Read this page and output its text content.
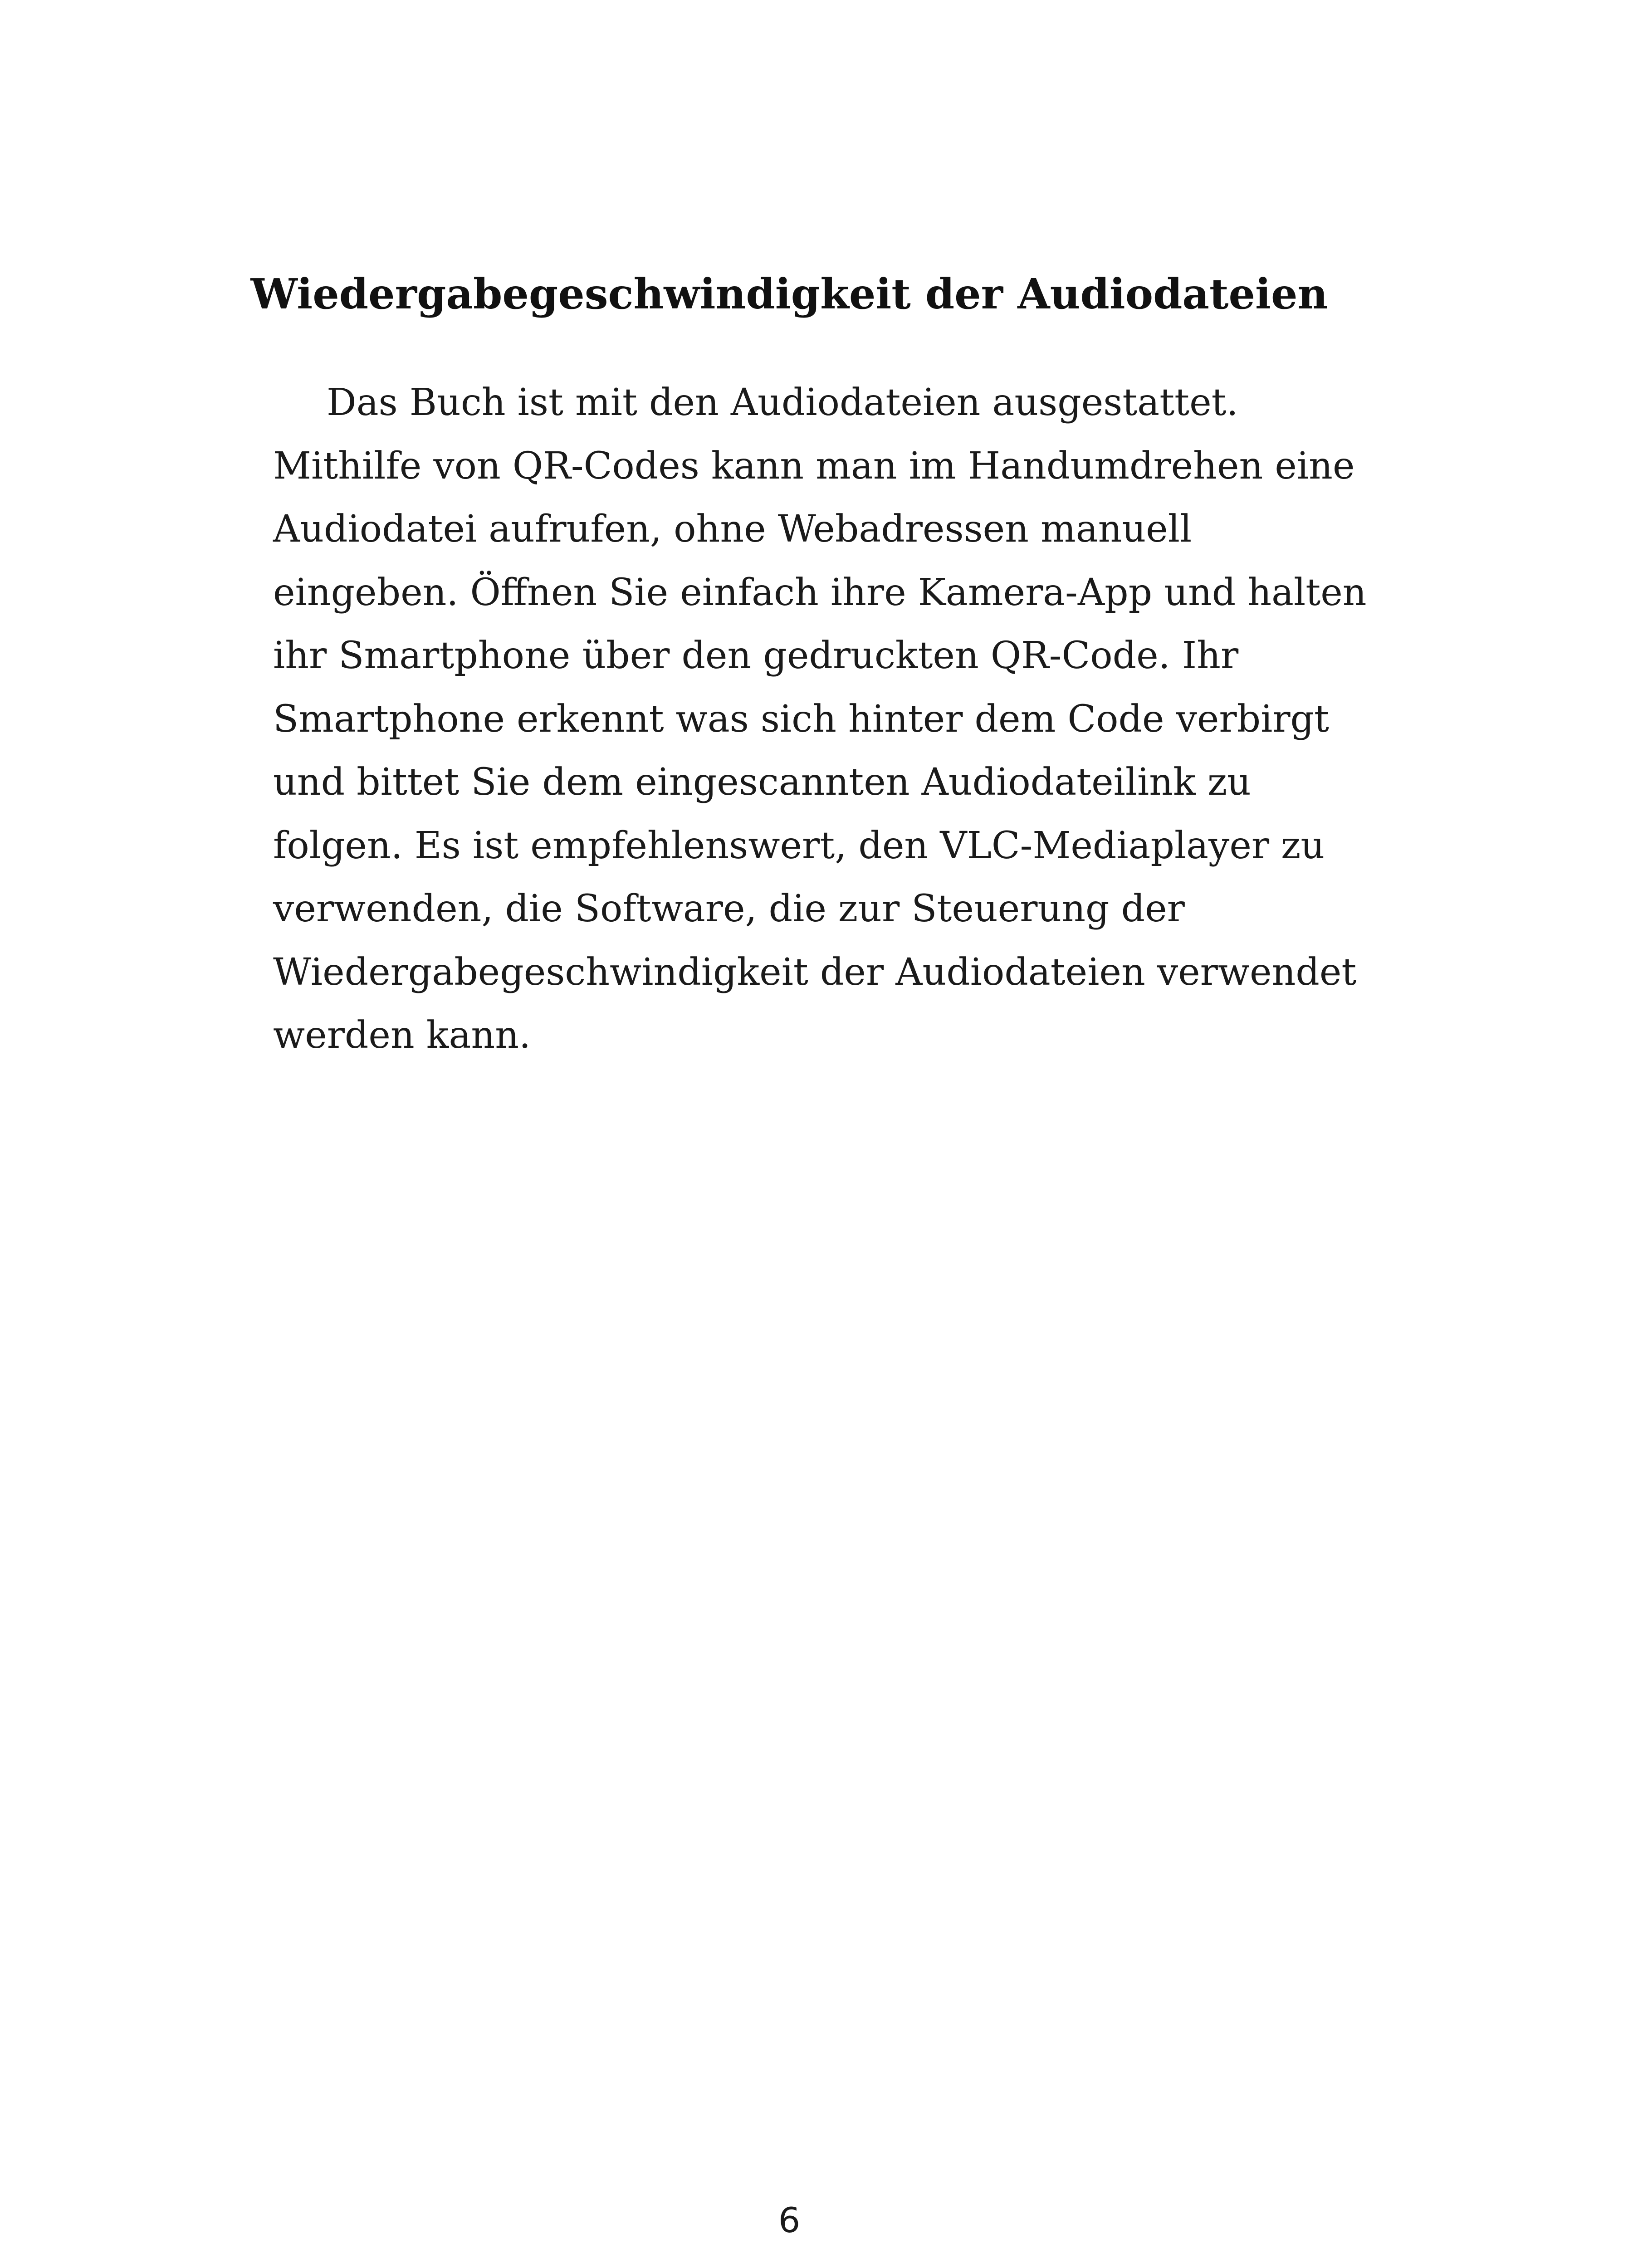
Wiedergabegeschwindigkeit der Audiodateien
Das Buch ist mit den Audiodateien ausgestattet.
Mithilfe von QR-Codes kann man im Handumdrehen eine
Audiodatei aufrufen, ohne Webadressen manuell
eingeben. Öffnen Sie einfach ihre Kamera-App und halten
ihr Smartphone über den gedruckten QR-Code. Ihr
Smartphone erkennt was sich hinter dem Code verbirgt
und bittet Sie dem eingescannten Audiodateilink zu
folgen. Es ist empfehlenswert, den VLC-Mediaplayer zu
verwenden, die Software, die zur Steuerung der
Wiedergabegeschwindigkeit der Audiodateien verwendet
werden kann.
6
